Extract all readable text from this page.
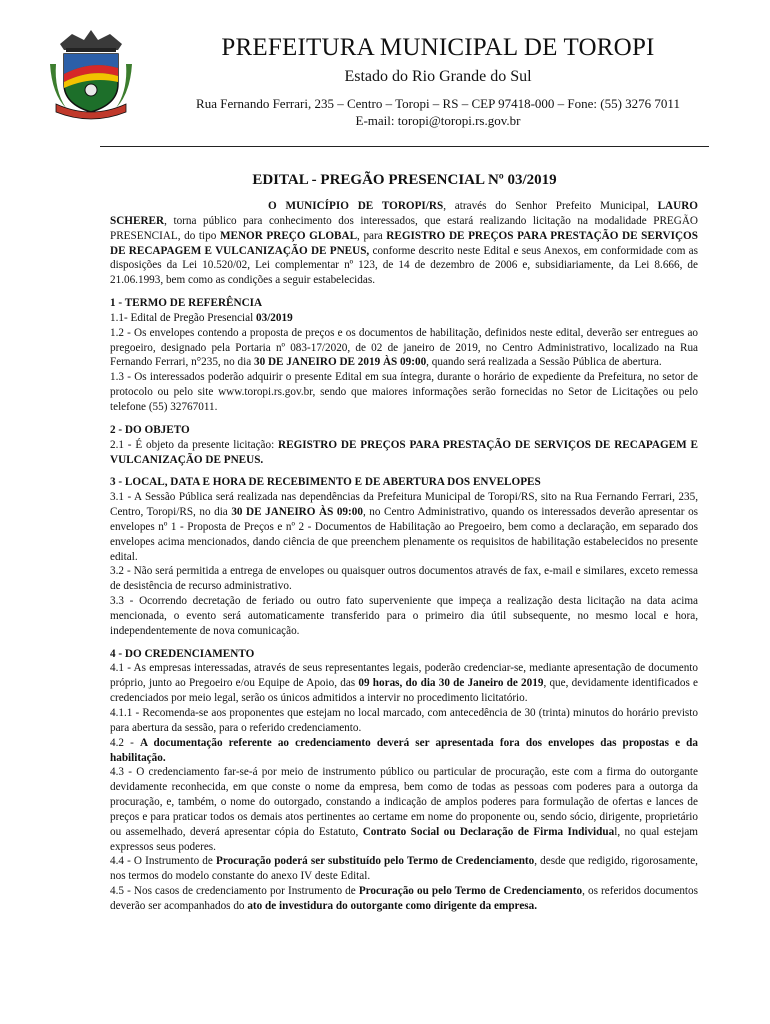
PREFEITURA MUNICIPAL DE TOROPI
Estado do Rio Grande do Sul
Rua Fernando Ferrari, 235 – Centro – Toropi – RS – CEP 97418-000 – Fone: (55) 3276 7011
E-mail: toropi@toropi.rs.gov.br
EDITAL - PREGÃO PRESENCIAL Nº 03/2019

O MUNICÍPIO DE TOROPI/RS, através do Senhor Prefeito Municipal, LAURO SCHERER, torna público para conhecimento dos interessados, que estará realizando licitação na modalidade PREGÃO PRESENCIAL, do tipo MENOR PREÇO GLOBAL, para REGISTRO DE PREÇOS PARA PRESTAÇÃO DE SERVIÇOS DE RECAPAGEM E VULCANIZAÇÃO DE PNEUS, conforme descrito neste Edital e seus Anexos, em conformidade com as disposições da Lei 10.520/02, Lei complementar nº 123, de 14 de dezembro de 2006 e, subsidiariamente, da Lei 8.666, de 21.06.1993, bem como as condições a seguir estabelecidas.

1 - TERMO DE REFERÊNCIA

1.1- Edital de Pregão Presencial 03/2019

1.2 - Os envelopes contendo a proposta de preços e os documentos de habilitação, definidos neste edital, deverão ser entregues ao pregoeiro, designado pela Portaria nº 083-17/2020, de 02 de janeiro de 2019, no Centro Administrativo, localizado na Rua Fernando Ferrari, n°235, no dia 30 DE JANEIRO DE 2019 ÀS 09:00, quando será realizada a Sessão Pública de abertura.

1.3 - Os interessados poderão adquirir o presente Edital em sua íntegra, durante o horário de expediente da Prefeitura, no setor de protocolo ou pelo site www.toropi.rs.gov.br, sendo que maiores informações serão fornecidas no Setor de Licitações ou pelo telefone (55) 32767011.

2 - DO OBJETO

2.1 - É objeto da presente licitação: REGISTRO DE PREÇOS PARA PRESTAÇÃO DE SERVIÇOS DE RECAPAGEM E VULCANIZAÇÃO DE PNEUS.

3 - LOCAL, DATA E HORA DE RECEBIMENTO E DE ABERTURA DOS ENVELOPES

3.1 - A Sessão Pública será realizada nas dependências da Prefeitura Municipal de Toropi/RS, sito na Rua Fernando Ferrari, 235, Centro, Toropi/RS, no dia 30 DE JANEIRO ÀS 09:00, no Centro Administrativo, quando os interessados deverão apresentar os envelopes nº 1 - Proposta de Preços e nº 2 - Documentos de Habilitação ao Pregoeiro, bem como a declaração, em separado dos envelopes acima mencionados, dando ciência de que preenchem plenamente os requisitos de habilitação estabelecidos no presente edital.

3.2 - Não será permitida a entrega de envelopes ou quaisquer outros documentos através de fax, e-mail e similares, exceto remessa de desistência de recurso administrativo.

3.3 - Ocorrendo decretação de feriado ou outro fato superveniente que impeça a realização desta licitação na data acima mencionada, o evento será automaticamente transferido para o primeiro dia útil subsequente, no mesmo local e hora, independentemente de nova comunicação.

4 - DO CREDENCIAMENTO

4.1 - As empresas interessadas, através de seus representantes legais, poderão credenciar-se, mediante apresentação de documento próprio, junto ao Pregoeiro e/ou Equipe de Apoio, das 09 horas, do dia 30 de Janeiro de 2019, que, devidamente identificados e credenciados por meio legal, serão os únicos admitidos a intervir no procedimento licitatório.

4.1.1 - Recomenda-se aos proponentes que estejam no local marcado, com antecedência de 30 (trinta) minutos do horário previsto para abertura da sessão, para o referido credenciamento.

4.2 - A documentação referente ao credenciamento deverá ser apresentada fora dos envelopes das propostas e da habilitação.

4.3 - O credenciamento far-se-á por meio de instrumento público ou particular de procuração, este com a firma do outorgante devidamente reconhecida, em que conste o nome da empresa, bem como de todas as pessoas com poderes para a outorga da procuração, e, também, o nome do outorgado, constando a indicação de amplos poderes para formulação de ofertas e lances de preços e para praticar todos os demais atos pertinentes ao certame em nome do proponente ou, sendo sócio, dirigente, proprietário ou assemelhado, deverá apresentar cópia do Estatuto, Contrato Social ou Declaração de Firma Individual, no qual estejam expressos seus poderes.

4.4 - O Instrumento de Procuração poderá ser substituído pelo Termo de Credenciamento, desde que redigido, rigorosamente, nos termos do modelo constante do anexo IV deste Edital.

4.5 - Nos casos de credenciamento por Instrumento de Procuração ou pelo Termo de Credenciamento, os referidos documentos deverão ser acompanhados do ato de investidura do outorgante como dirigente da empresa.
